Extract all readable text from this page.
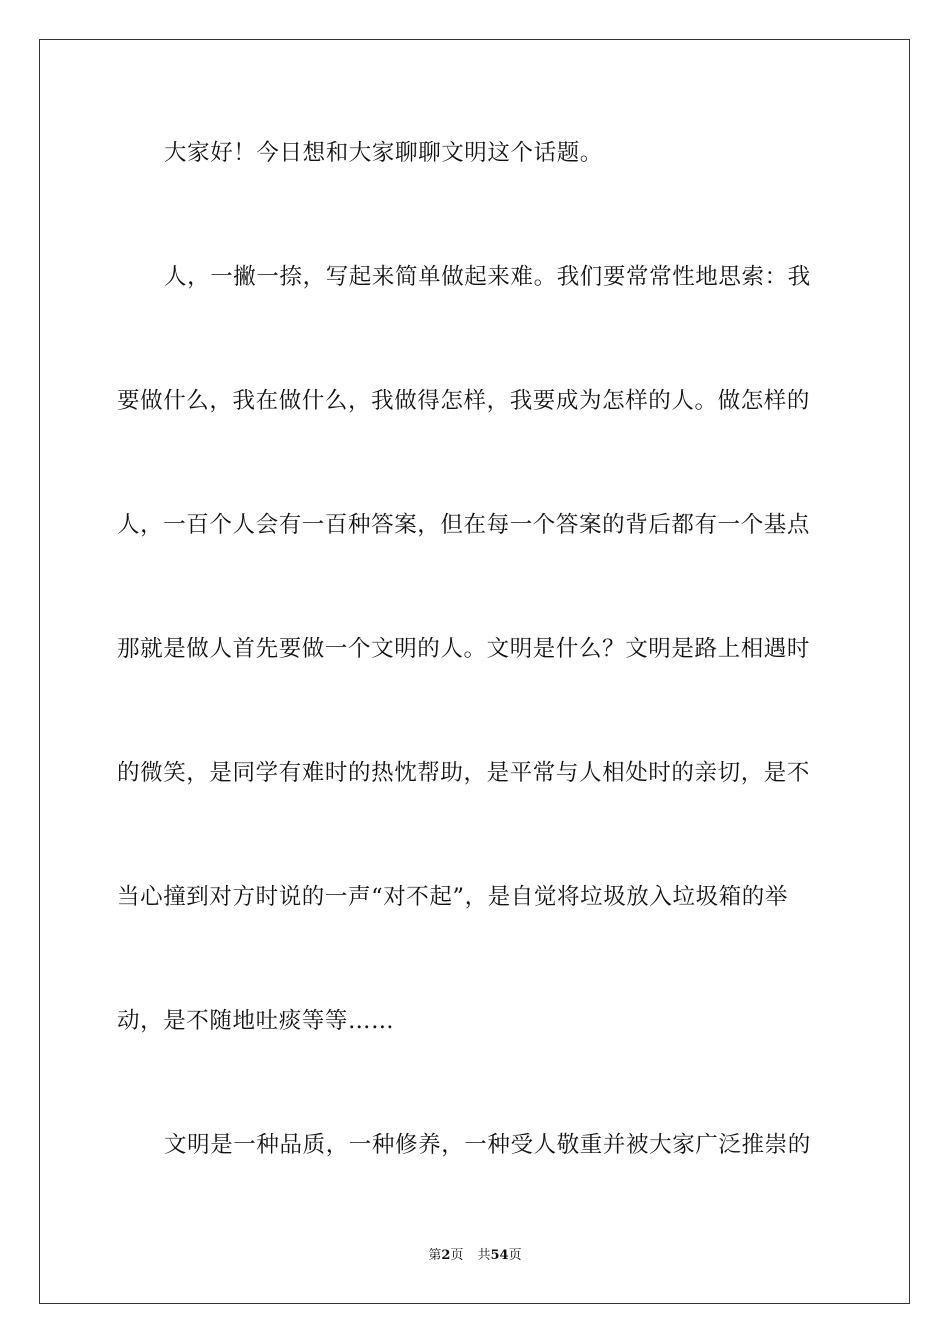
大家好！今日想和大家聊聊文明这个话题。
人，一撇一捺，写起来简单做起来难。我们要常常性地思索：我
要做什么，我在做什么，我做得怎样，我要成为怎样的人。做怎样的
人，一百个人会有一百种答案，但在每一个答案的背后都有一个基点
那就是做人首先要做一个文明的人。文明是什么？文明是路上相遇时
的微笑，是同学有难时的热忱帮助，是平常与人相处时的亲切，是不
当心撞到对方时说的一声“对不起”，是自觉将垃圾放入垃圾箱的举
动，是不随地吐痰等等……
文明是一种品质，一种修养，一种受人敬重并被大家广泛推崇的
第2页 共54页
